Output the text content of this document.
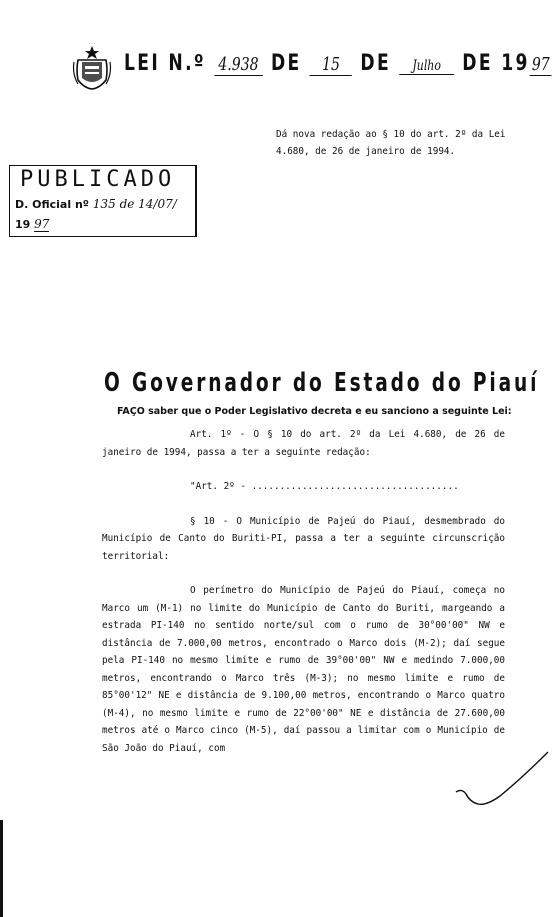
· · ·
LEI N.º 4.938 DE 15 DE Julho DE 19 97
Dá nova redação ao § 10 do art. 2º da Lei 4.680, de 26 de janeiro de 1994.
PUBLICADO
D. Oficial nº 135 de 14/07/
19 97
O Governador do Estado do Piauí
FAÇO saber que o Poder Legislativo decreta e eu sanciono a seguinte Lei:

Art. 1º - O § 10 do art. 2º da Lei 4.680, de 26 de janeiro de 1994, passa a ter a seguinte redação:

"Art. 2º - .....................................

§ 10 - O Município de Pajeú do Piauí, desmembrado do Município de Canto do Buriti-PI, passa a ter a seguinte circunscrição territorial:

O perímetro do Município de Pajeú do Piauí, começa no Marco um (M-1) no limite do Município de Canto do Buriti, margeando a estrada PI-140 no sentido norte/sul com o rumo de 30°00'00" NW e distância de 7.000,00 metros, encontrado o Marco dois (M-2); daí segue pela PI-140 no mesmo limite e rumo de 39°00'00" NW e medindo 7.000,00 metros, encontrando o Marco três (M-3); no mesmo limite e rumo de 85°00'12" NE e distância de 9.100,00 metros, encontrando o Marco quatro (M-4), no mesmo limite e rumo de 22°00'00" NE e distância de 27.600,00 metros até o Marco cinco (M-5), daí passou a limitar com o Município de São João do Piauí, com
